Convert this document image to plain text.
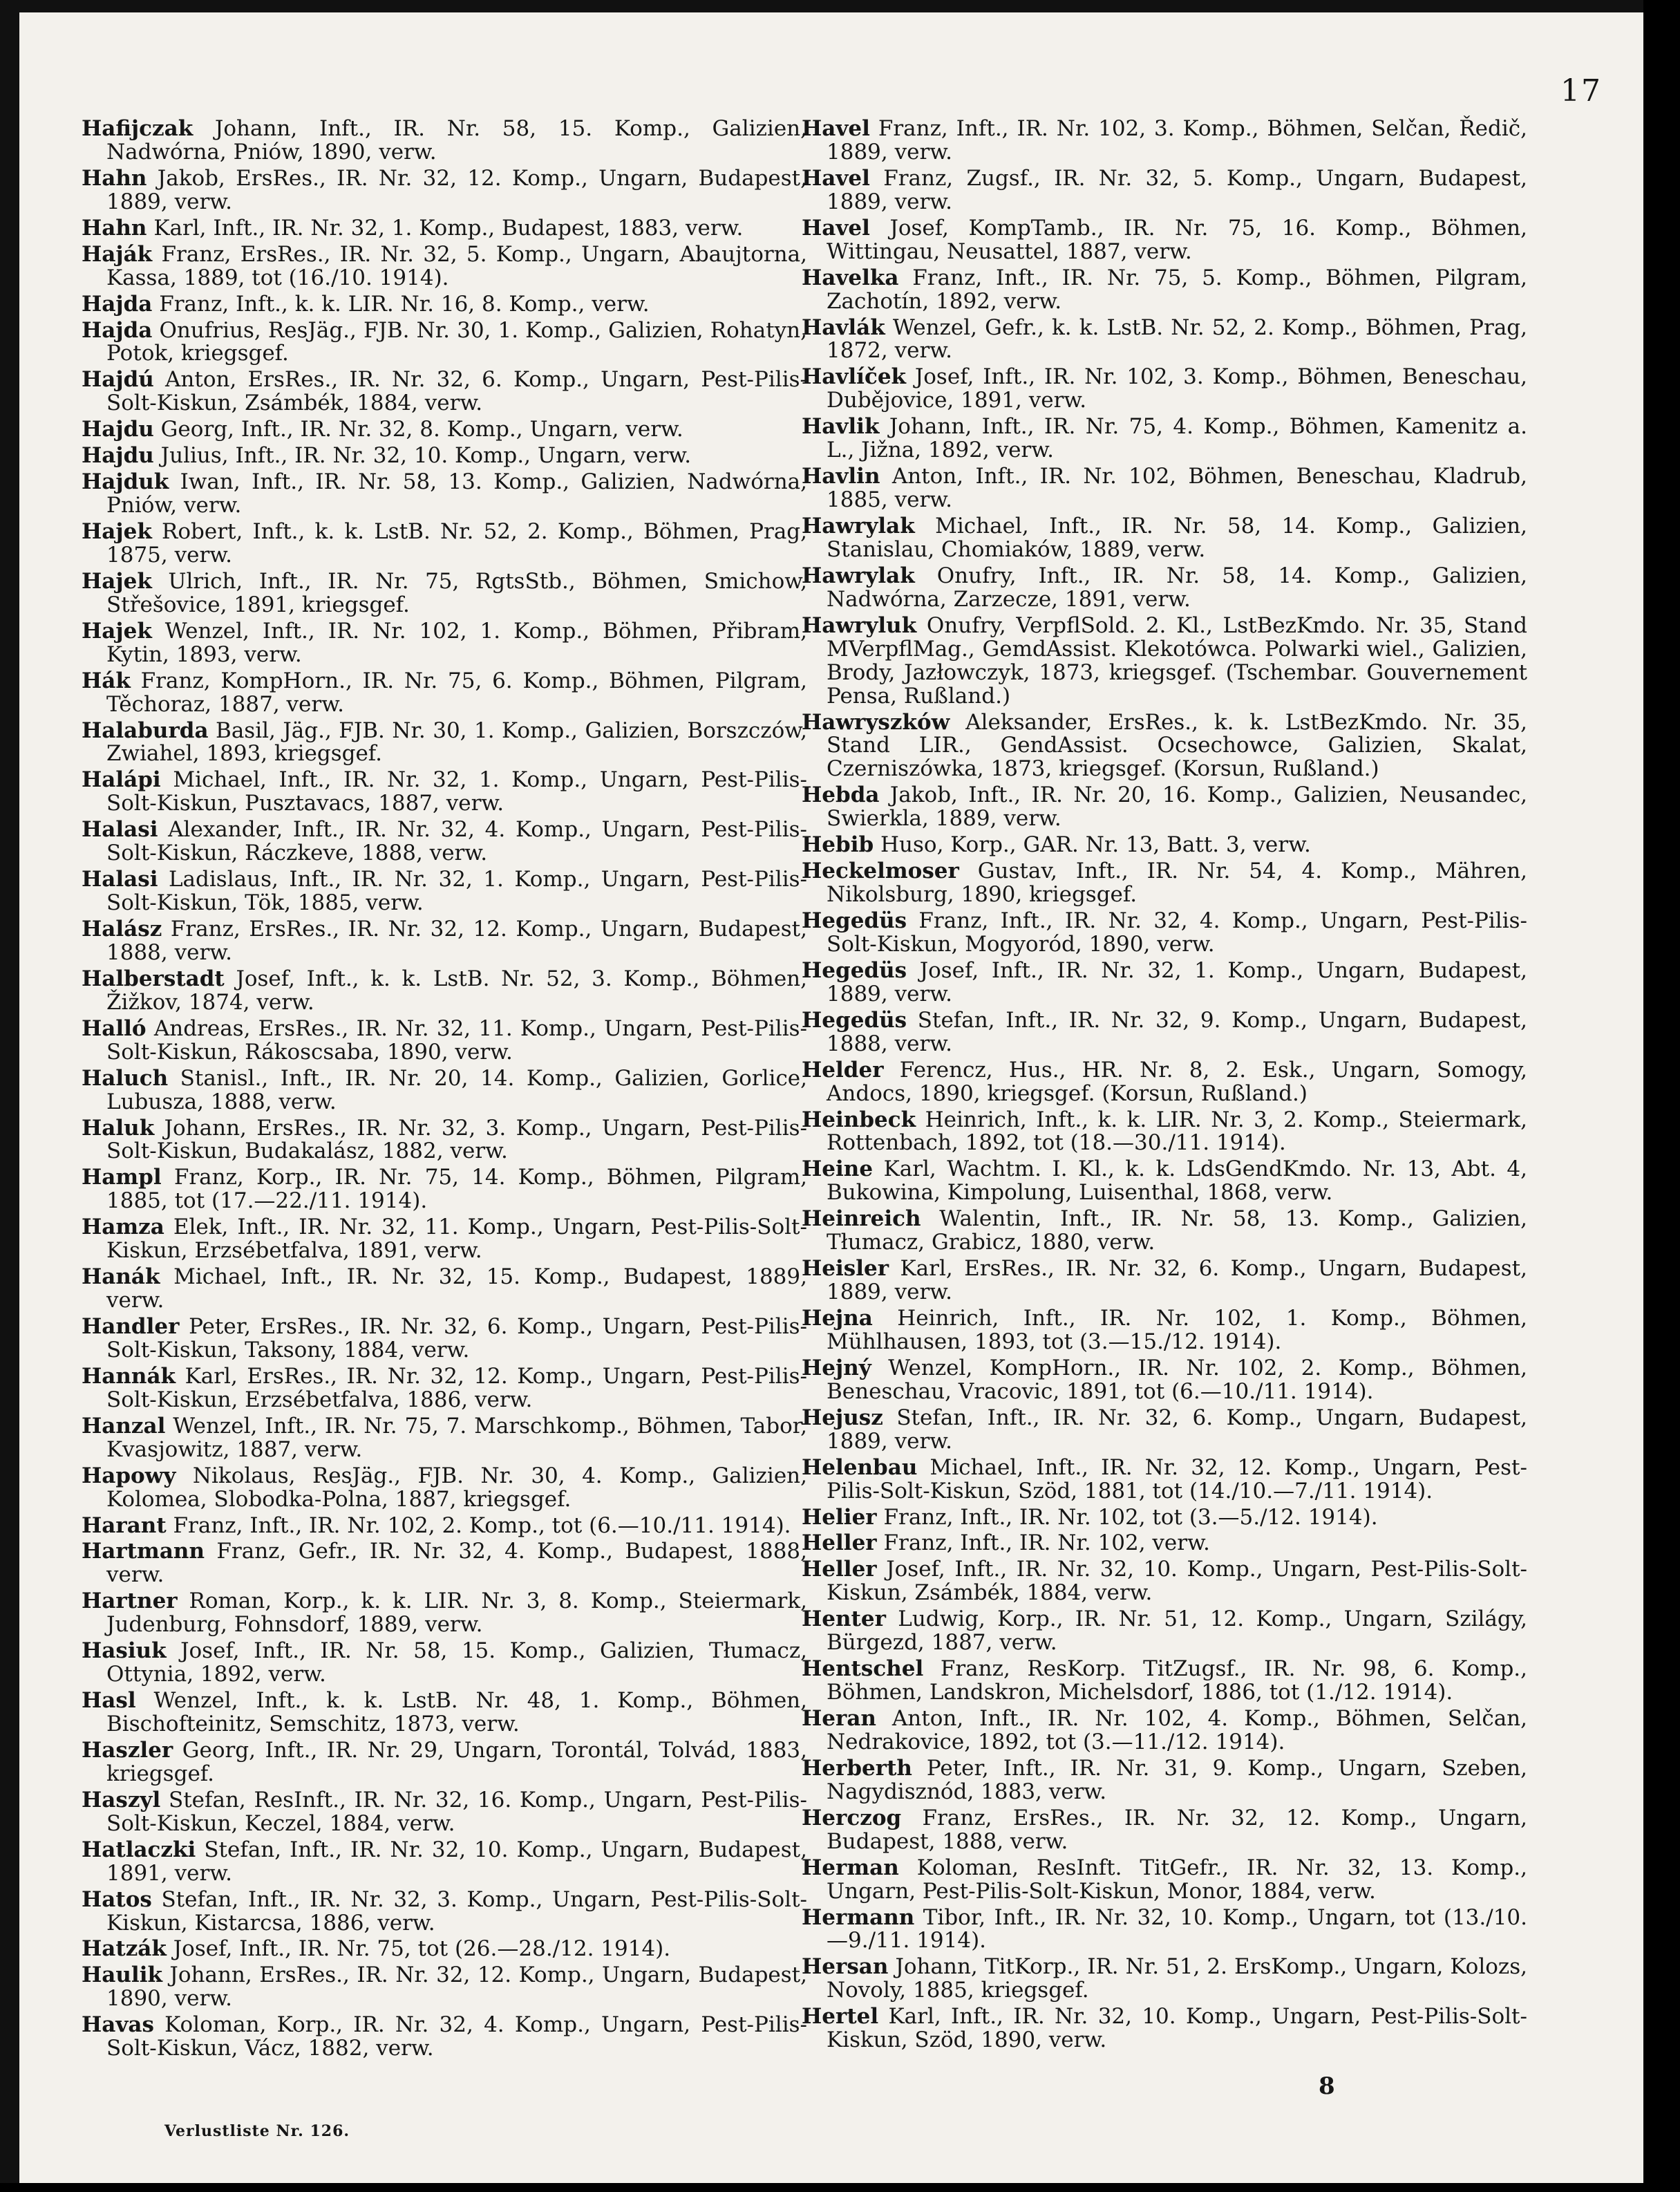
17

Hafijczak Johann, Inft., IR. Nr. 58, 15. Komp., Galizien, Nadwórna, Pniów, 1890, verw.

Hahn Jakob, ErsRes., IR. Nr. 32, 12. Komp., Ungarn, Budapest, 1889, verw.

Hahn Karl, Inft., IR. Nr. 32, 1. Komp., Budapest, 1883, verw.

Haják Franz, ErsRes., IR. Nr. 32, 5. Komp., Ungarn, Abaujtorna, Kassa, 1889, tot (16./10. 1914).

Hajda Franz, Inft., k. k. LIR. Nr. 16, 8. Komp., verw.

Hajda Onufrius, ResJäg., FJB. Nr. 30, 1. Komp., Galizien, Rohatyn, Potok, kriegsgef.

Hajdú Anton, ErsRes., IR. Nr. 32, 6. Komp., Ungarn, Pest-Pilis-Solt-Kiskun, Zsámbék, 1884, verw.

Hajdu Georg, Inft., IR. Nr. 32, 8. Komp., Ungarn, verw.

Hajdu Julius, Inft., IR. Nr. 32, 10. Komp., Ungarn, verw.

Hajduk Iwan, Inft., IR. Nr. 58, 13. Komp., Galizien, Nadwórna, Pniów, verw.

Hajek Robert, Inft., k. k. LstB. Nr. 52, 2. Komp., Böhmen, Prag, 1875, verw.

Hajek Ulrich, Inft., IR. Nr. 75, RgtsStb., Böhmen, Smichow, Střešovice, 1891, kriegsgef.

Hajek Wenzel, Inft., IR. Nr. 102, 1. Komp., Böhmen, Přibram, Kytin, 1893, verw.

Hák Franz, KompHorn., IR. Nr. 75, 6. Komp., Böhmen, Pilgram, Těchoraz, 1887, verw.

Halaburda Basil, Jäg., FJB. Nr. 30, 1. Komp., Galizien, Borszczów, Zwiahel, 1893, kriegsgef.

Halápi Michael, Inft., IR. Nr. 32, 1. Komp., Ungarn, Pest-Pilis-Solt-Kiskun, Pusztavacs, 1887, verw.

Halasi Alexander, Inft., IR. Nr. 32, 4. Komp., Ungarn, Pest-Pilis-Solt-Kiskun, Ráczkeve, 1888, verw.

Halasi Ladislaus, Inft., IR. Nr. 32, 1. Komp., Ungarn, Pest-Pilis-Solt-Kiskun, Tök, 1885, verw.

Halász Franz, ErsRes., IR. Nr. 32, 12. Komp., Ungarn, Budapest, 1888, verw.

Halberstadt Josef, Inft., k. k. LstB. Nr. 52, 3. Komp., Böhmen, Žižkov, 1874, verw.

Halló Andreas, ErsRes., IR. Nr. 32, 11. Komp., Ungarn, Pest-Pilis-Solt-Kiskun, Rákoscsaba, 1890, verw.

Haluch Stanisl., Inft., IR. Nr. 20, 14. Komp., Galizien, Gorlice, Lubusza, 1888, verw.

Haluk Johann, ErsRes., IR. Nr. 32, 3. Komp., Ungarn, Pest-Pilis-Solt-Kiskun, Budakalász, 1882, verw.

Hampl Franz, Korp., IR. Nr. 75, 14. Komp., Böhmen, Pilgram, 1885, tot (17.—22./11. 1914).

Hamza Elek, Inft., IR. Nr. 32, 11. Komp., Ungarn, Pest-Pilis-Solt-Kiskun, Erzsébetfalva, 1891, verw.

Hanák Michael, Inft., IR. Nr. 32, 15. Komp., Budapest, 1889, verw.

Handler Peter, ErsRes., IR. Nr. 32, 6. Komp., Ungarn, Pest-Pilis-Solt-Kiskun, Taksony, 1884, verw.

Hannák Karl, ErsRes., IR. Nr. 32, 12. Komp., Ungarn, Pest-Pilis-Solt-Kiskun, Erzsébetfalva, 1886, verw.

Hanzal Wenzel, Inft., IR. Nr. 75, 7. Marschkomp., Böhmen, Tabor, Kvasjowitz, 1887, verw.

Hapowy Nikolaus, ResJäg., FJB. Nr. 30, 4. Komp., Galizien, Kolomea, Slobodka-Polna, 1887, kriegsgef.

Harant Franz, Inft., IR. Nr. 102, 2. Komp., tot (6.—10./11. 1914).

Hartmann Franz, Gefr., IR. Nr. 32, 4. Komp., Budapest, 1888, verw.

Hartner Roman, Korp., k. k. LIR. Nr. 3, 8. Komp., Steiermark, Judenburg, Fohnsdorf, 1889, verw.

Hasiuk Josef, Inft., IR. Nr. 58, 15. Komp., Galizien, Tłumacz, Ottynia, 1892, verw.

Hasl Wenzel, Inft., k. k. LstB. Nr. 48, 1. Komp., Böhmen, Bischofteinitz, Semschitz, 1873, verw.

Haszler Georg, Inft., IR. Nr. 29, Ungarn, Torontál, Tolvád, 1883, kriegsgef.

Haszyl Stefan, ResInft., IR. Nr. 32, 16. Komp., Ungarn, Pest-Pilis-Solt-Kiskun, Keczel, 1884, verw.

Hatlaczki Stefan, Inft., IR. Nr. 32, 10. Komp., Ungarn, Budapest, 1891, verw.

Hatos Stefan, Inft., IR. Nr. 32, 3. Komp., Ungarn, Pest-Pilis-Solt-Kiskun, Kistarcsa, 1886, verw.

Hatzák Josef, Inft., IR. Nr. 75, tot (26.—28./12. 1914).

Haulik Johann, ErsRes., IR. Nr. 32, 12. Komp., Ungarn, Budapest, 1890, verw.

Havas Koloman, Korp., IR. Nr. 32, 4. Komp., Ungarn, Pest-Pilis-Solt-Kiskun, Vácz, 1882, verw.

Havel Franz, Inft., IR. Nr. 102, 3. Komp., Böhmen, Selčan, Ředič, 1889, verw.

Havel Franz, Zugsf., IR. Nr. 32, 5. Komp., Ungarn, Budapest, 1889, verw.

Havel Josef, KompTamb., IR. Nr. 75, 16. Komp., Böhmen, Wittingau, Neusattel, 1887, verw.

Havelka Franz, Inft., IR. Nr. 75, 5. Komp., Böhmen, Pilgram, Zachotín, 1892, verw.

Havlák Wenzel, Gefr., k. k. LstB. Nr. 52, 2. Komp., Böhmen, Prag, 1872, verw.

Havlíček Josef, Inft., IR. Nr. 102, 3. Komp., Böhmen, Beneschau, Dubějovice, 1891, verw.

Havlik Johann, Inft., IR. Nr. 75, 4. Komp., Böhmen, Kamenitz a. L., Jižna, 1892, verw.

Havlin Anton, Inft., IR. Nr. 102, Böhmen, Beneschau, Kladrub, 1885, verw.

Hawrylak Michael, Inft., IR. Nr. 58, 14. Komp., Galizien, Stanislau, Chomiaków, 1889, verw.

Hawrylak Onufry, Inft., IR. Nr. 58, 14. Komp., Galizien, Nadwórna, Zarzecze, 1891, verw.

Hawryluk Onufry, VerpflSold. 2. Kl., LstBezKmdo. Nr. 35, Stand MVerpflMag., GemdAssist. Klekotówca. Polwarki wiel., Galizien, Brody, Jazłowczyk, 1873, kriegsgef. (Tschembar. Gouvernement Pensa, Rußland.)

Hawryszków Aleksander, ErsRes., k. k. LstBezKmdo. Nr. 35, Stand LIR., GendAssist. Ocsechowce, Galizien, Skalat, Czerniszówka, 1873, kriegsgef. (Korsun, Rußland.)

Hebda Jakob, Inft., IR. Nr. 20, 16. Komp., Galizien, Neusandec, Swierkla, 1889, verw.

Hebib Huso, Korp., GAR. Nr. 13, Batt. 3, verw.

Heckelmoser Gustav, Inft., IR. Nr. 54, 4. Komp., Mähren, Nikolsburg, 1890, kriegsgef.

Hegedüs Franz, Inft., IR. Nr. 32, 4. Komp., Ungarn, Pest-Pilis-Solt-Kiskun, Mogyoród, 1890, verw.

Hegedüs Josef, Inft., IR. Nr. 32, 1. Komp., Ungarn, Budapest, 1889, verw.

Hegedüs Stefan, Inft., IR. Nr. 32, 9. Komp., Ungarn, Budapest, 1888, verw.

Helder Ferencz, Hus., HR. Nr. 8, 2. Esk., Ungarn, Somogy, Andocs, 1890, kriegsgef. (Korsun, Rußland.)

Heinbeck Heinrich, Inft., k. k. LIR. Nr. 3, 2. Komp., Steiermark, Rottenbach, 1892, tot (18.—30./11. 1914).

Heine Karl, Wachtm. I. Kl., k. k. LdsGendKmdo. Nr. 13, Abt. 4, Bukowina, Kimpolung, Luisenthal, 1868, verw.

Heinreich Walentin, Inft., IR. Nr. 58, 13. Komp., Galizien, Tłumacz, Grabicz, 1880, verw.

Heisler Karl, ErsRes., IR. Nr. 32, 6. Komp., Ungarn, Budapest, 1889, verw.

Hejna Heinrich, Inft., IR. Nr. 102, 1. Komp., Böhmen, Mühlhausen, 1893, tot (3.—15./12. 1914).

Hejný Wenzel, KompHorn., IR. Nr. 102, 2. Komp., Böhmen, Beneschau, Vracovic, 1891, tot (6.—10./11. 1914).

Hejusz Stefan, Inft., IR. Nr. 32, 6. Komp., Ungarn, Budapest, 1889, verw.

Helenbau Michael, Inft., IR. Nr. 32, 12. Komp., Ungarn, Pest-Pilis-Solt-Kiskun, Szöd, 1881, tot (14./10.—7./11. 1914).

Helier Franz, Inft., IR. Nr. 102, tot (3.—5./12. 1914).

Heller Franz, Inft., IR. Nr. 102, verw.

Heller Josef, Inft., IR. Nr. 32, 10. Komp., Ungarn, Pest-Pilis-Solt-Kiskun, Zsámbék, 1884, verw.

Henter Ludwig, Korp., IR. Nr. 51, 12. Komp., Ungarn, Szilágy, Bürgezd, 1887, verw.

Hentschel Franz, ResKorp. TitZugsf., IR. Nr. 98, 6. Komp., Böhmen, Landskron, Michelsdorf, 1886, tot (1./12. 1914).

Heran Anton, Inft., IR. Nr. 102, 4. Komp., Böhmen, Selčan, Nedrakovice, 1892, tot (3.—11./12. 1914).

Herberth Peter, Inft., IR. Nr. 31, 9. Komp., Ungarn, Szeben, Nagydisznód, 1883, verw.

Herczog Franz, ErsRes., IR. Nr. 32, 12. Komp., Ungarn, Budapest, 1888, verw.

Herman Koloman, ResInft. TitGefr., IR. Nr. 32, 13. Komp., Ungarn, Pest-Pilis-Solt-Kiskun, Monor, 1884, verw.

Hermann Tibor, Inft., IR. Nr. 32, 10. Komp., Ungarn, tot (13./10.—9./11. 1914).

Hersan Johann, TitKorp., IR. Nr. 51, 2. ErsKomp., Ungarn, Kolozs, Novoly, 1885, kriegsgef.

Hertel Karl, Inft., IR. Nr. 32, 10. Komp., Ungarn, Pest-Pilis-Solt-Kiskun, Szöd, 1890, verw.

Verlustliste Nr. 126.
8
